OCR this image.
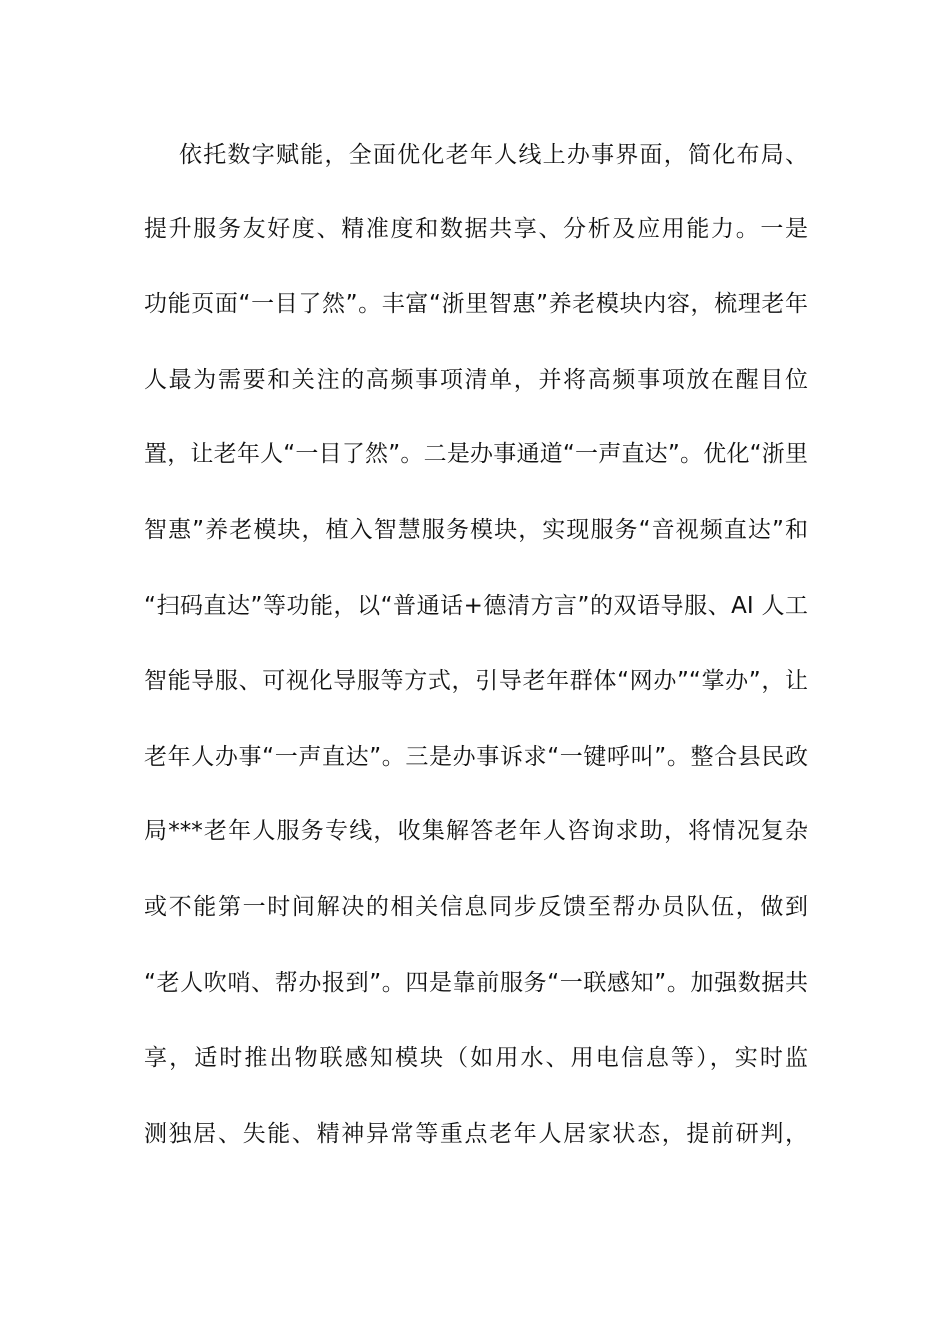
依托数字赋能，全面优化老年人线上办事界面，简化布局、
提升服务友好度、精准度和数据共享、分析及应用能力。一是
功能页面“一目了然”。丰富“浙里智惠”养老模块内容，梳理老年
人最为需要和关注的高频事项清单，并将高频事项放在醒目位
置，让老年人“一目了然”。二是办事通道“一声直达”。优化“浙里
智惠”养老模块，植入智慧服务模块，实现服务“音视频直达”和
“扫码直达”等功能，以“普通话+德清方言”的双语导服、AI 人工
智能导服、可视化导服等方式，引导老年群体“网办”“掌办”，让
老年人办事“一声直达”。三是办事诉求“一键呼叫”。整合县民政
局***老年人服务专线，收集解答老年人咨询求助，将情况复杂
或不能第一时间解决的相关信息同步反馈至帮办员队伍，做到
“老人吹哨、帮办报到”。四是靠前服务“一联感知”。加强数据共
享，适时推出物联感知模块（如用水、用电信息等），实时监
测独居、失能、精神异常等重点老年人居家状态，提前研判，
